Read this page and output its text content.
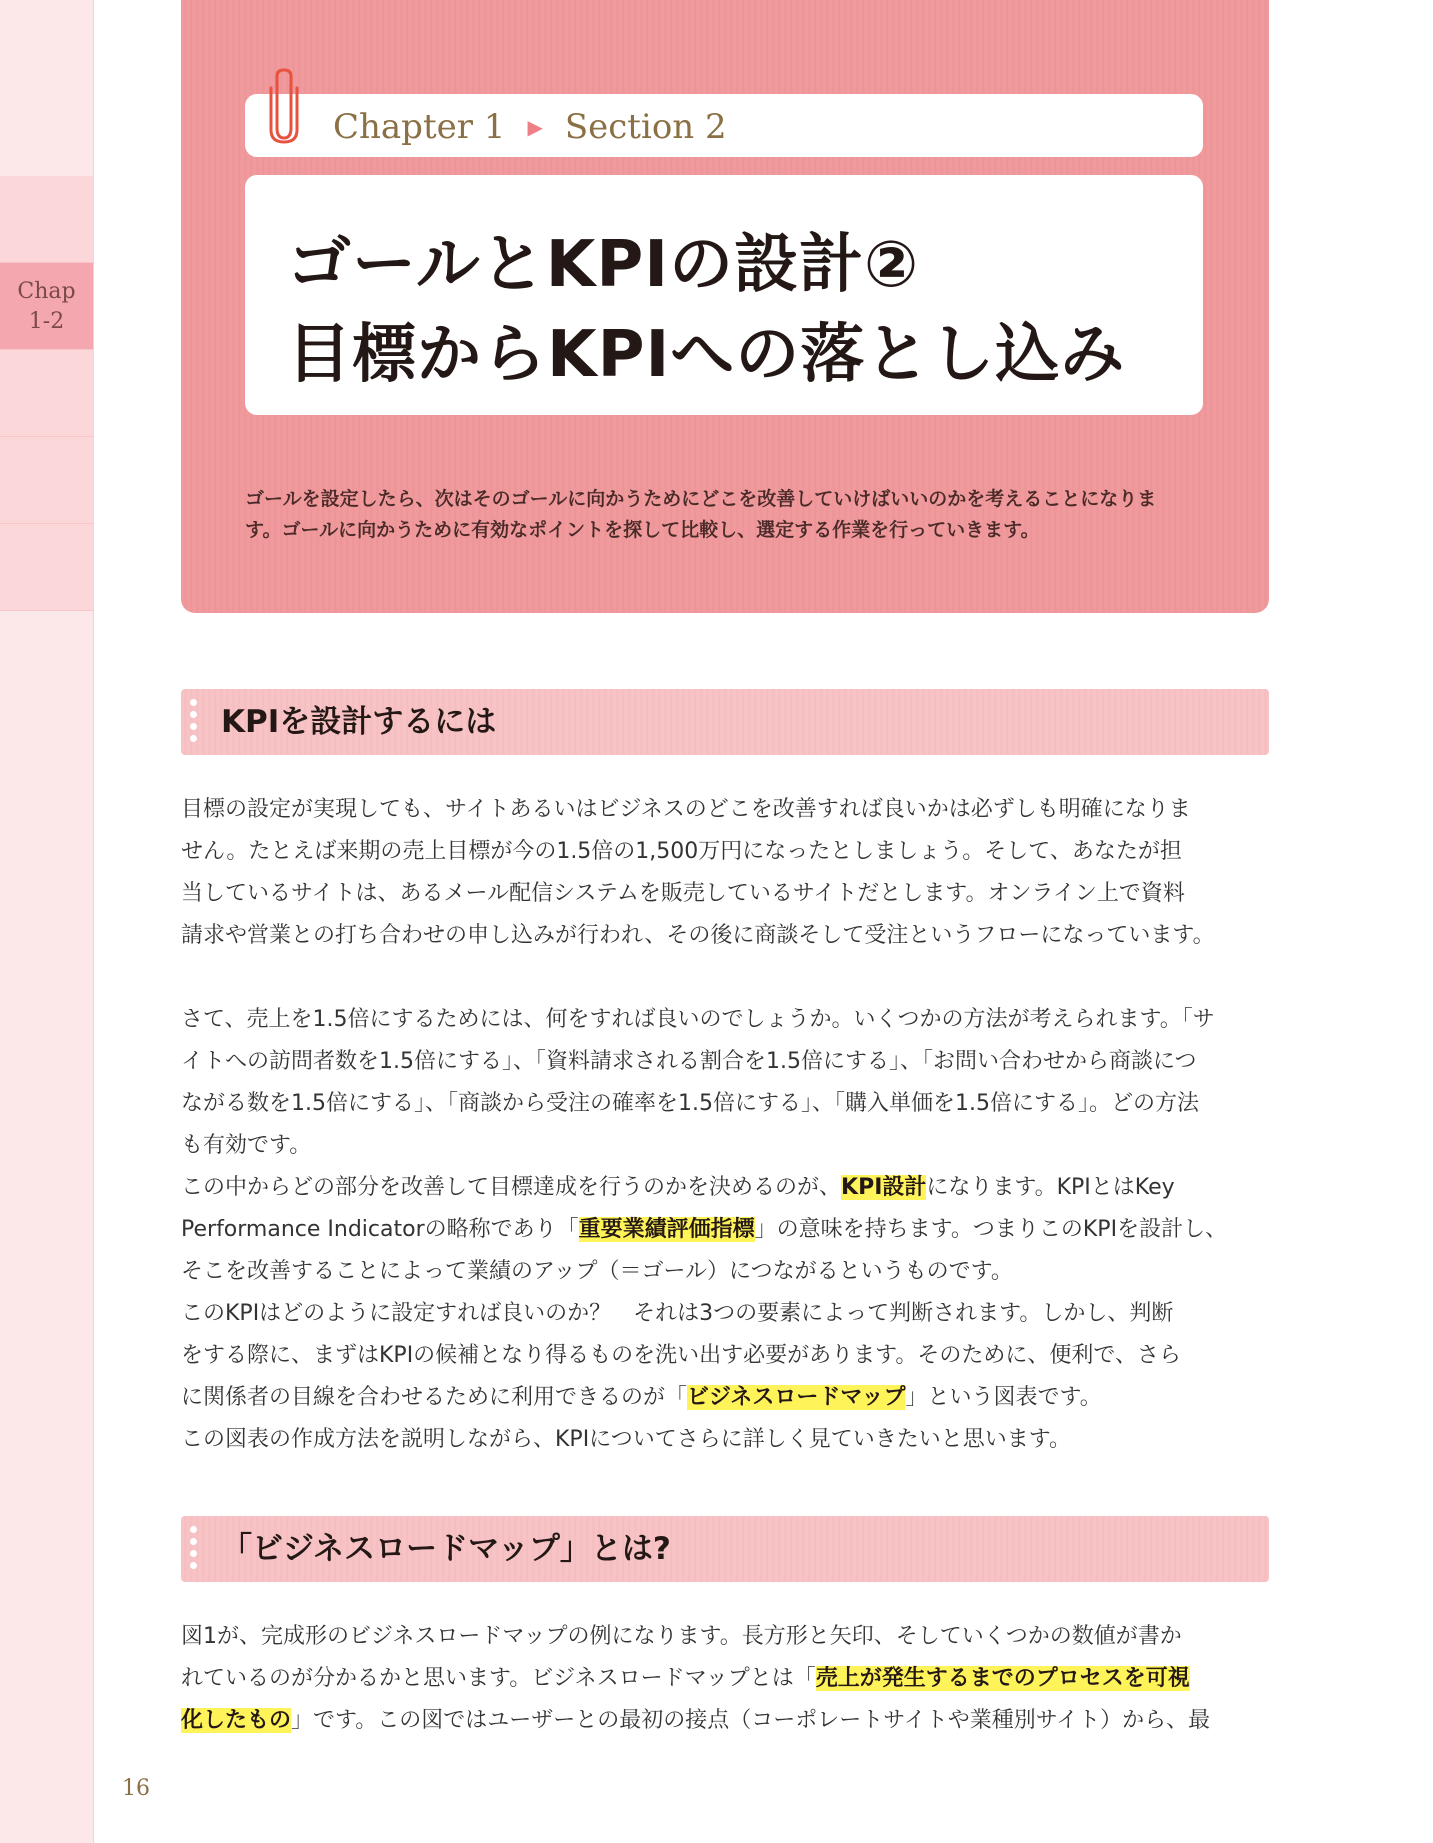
Chap
1-2
Chapter 1 ▶ Section 2
ゴールとKPIの設計②
目標からKPIへの落とし込み
ゴールを設定したら、次はそのゴールに向かうためにどこを改善していけばいいのかを考えることになりま
す。ゴールに向かうために有効なポイントを探して比較し、選定する作業を行っていきます。
KPIを設計するには
目標の設定が実現しても、サイトあるいはビジネスのどこを改善すれば良いかは必ずしも明確になりま
せん。たとえば来期の売上目標が今の1.5倍の1,500万円になったとしましょう。そして、あなたが担
当しているサイトは、あるメール配信システムを販売しているサイトだとします。オンライン上で資料
請求や営業との打ち合わせの申し込みが行われ、その後に商談そして受注というフローになっています。
さて、売上を1.5倍にするためには、何をすれば良いのでしょうか。いくつかの方法が考えられます。「サ
イトへの訪問者数を1.5倍にする」、「資料請求される割合を1.5倍にする」、「お問い合わせから商談につ
ながる数を1.5倍にする」、「商談から受注の確率を1.5倍にする」、「購入単価を1.5倍にする」。どの方法
も有効です。
この中からどの部分を改善して目標達成を行うのかを決めるのが、KPI設計になります。KPIとはKey
Performance Indicatorの略称であり「重要業績評価指標」の意味を持ちます。つまりこのKPIを設計し、
そこを改善することによって業績のアップ（＝ゴール）につながるというものです。
このKPIはどのように設定すれば良いのか？　それは3つの要素によって判断されます。しかし、判断
をする際に、まずはKPIの候補となり得るものを洗い出す必要があります。そのために、便利で、さら
に関係者の目線を合わせるために利用できるのが「ビジネスロードマップ」という図表です。
この図表の作成方法を説明しながら、KPIについてさらに詳しく見ていきたいと思います。
「ビジネスロードマップ」とは?
図1が、完成形のビジネスロードマップの例になります。長方形と矢印、そしていくつかの数値が書か
れているのが分かるかと思います。ビジネスロードマップとは「売上が発生するまでのプロセスを可視
化したもの」です。この図ではユーザーとの最初の接点（コーポレートサイトや業種別サイト）から、最
16
